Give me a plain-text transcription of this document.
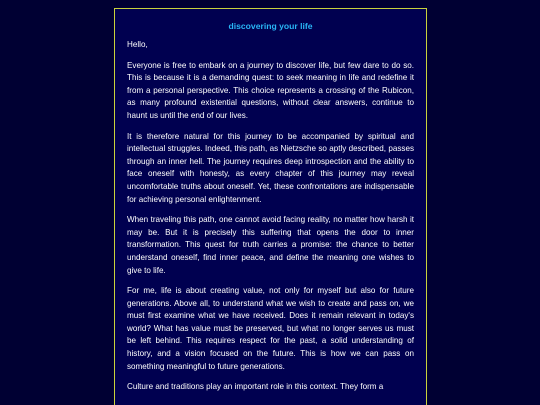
discovering your life

Hello,

Everyone is free to embark on a journey to discover life, but few dare to do so. This is because it is a demanding quest: to seek meaning in life and redefine it from a personal perspective. This choice represents a crossing of the Rubicon, as many profound existential questions, without clear answers, continue to haunt us until the end of our lives.

It is therefore natural for this journey to be accompanied by spiritual and intellectual struggles. Indeed, this path, as Nietzsche so aptly described, passes through an inner hell. The journey requires deep introspection and the ability to face oneself with honesty, as every chapter of this journey may reveal uncomfortable truths about oneself. Yet, these confrontations are indispensable for achieving personal enlightenment.

When traveling this path, one cannot avoid facing reality, no matter how harsh it may be. But it is precisely this suffering that opens the door to inner transformation. This quest for truth carries a promise: the chance to better understand oneself, find inner peace, and define the meaning one wishes to give to life.

For me, life is about creating value, not only for myself but also for future generations. Above all, to understand what we wish to create and pass on, we must first examine what we have received. Does it remain relevant in today's world? What has value must be preserved, but what no longer serves us must be left behind. This requires respect for the past, a solid understanding of history, and a vision focused on the future. This is how we can pass on something meaningful to future generations.

Culture and traditions play an important role in this context. They form a
